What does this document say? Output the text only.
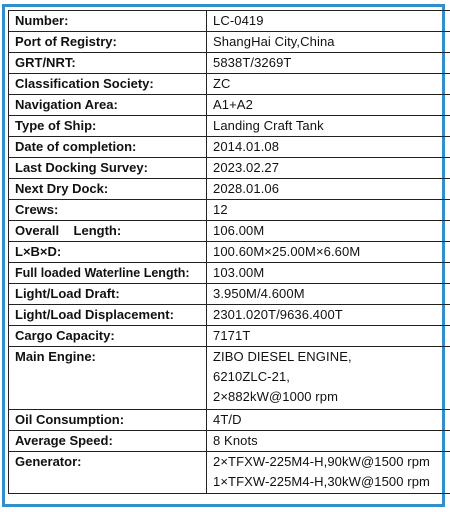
Number:	LC-0419

Port of Registry:	ShangHai City,China

GRT/NRT:	5838T/3269T

Classification Society:	ZC

Navigation Area:	A1+A2

Type of Ship:	Landing Craft Tank

Date of completion:	2014.01.08

Last Docking Survey:	2023.02.27

Next Dry Dock:	2028.01.06

Crews:	12

Overall    Length:	106.00M

L×B×D:	100.60M×25.00M×6.60M

Full loaded Waterline Length:	103.00M

Light/Load Draft:	3.950M/4.600M

Light/Load Displacement:	2301.020T/9636.400T

Cargo Capacity:	7171T

Main Engine:	ZIBO DIESEL ENGINE,
6210ZLC-21,
2×882kW@1000 rpm

Oil Consumption:	4T/D

Average Speed:	8 Knots

Generator:	2×TFXW-225M4-H,90kW@1500 rpm
1×TFXW-225M4-H,30kW@1500 rpm
